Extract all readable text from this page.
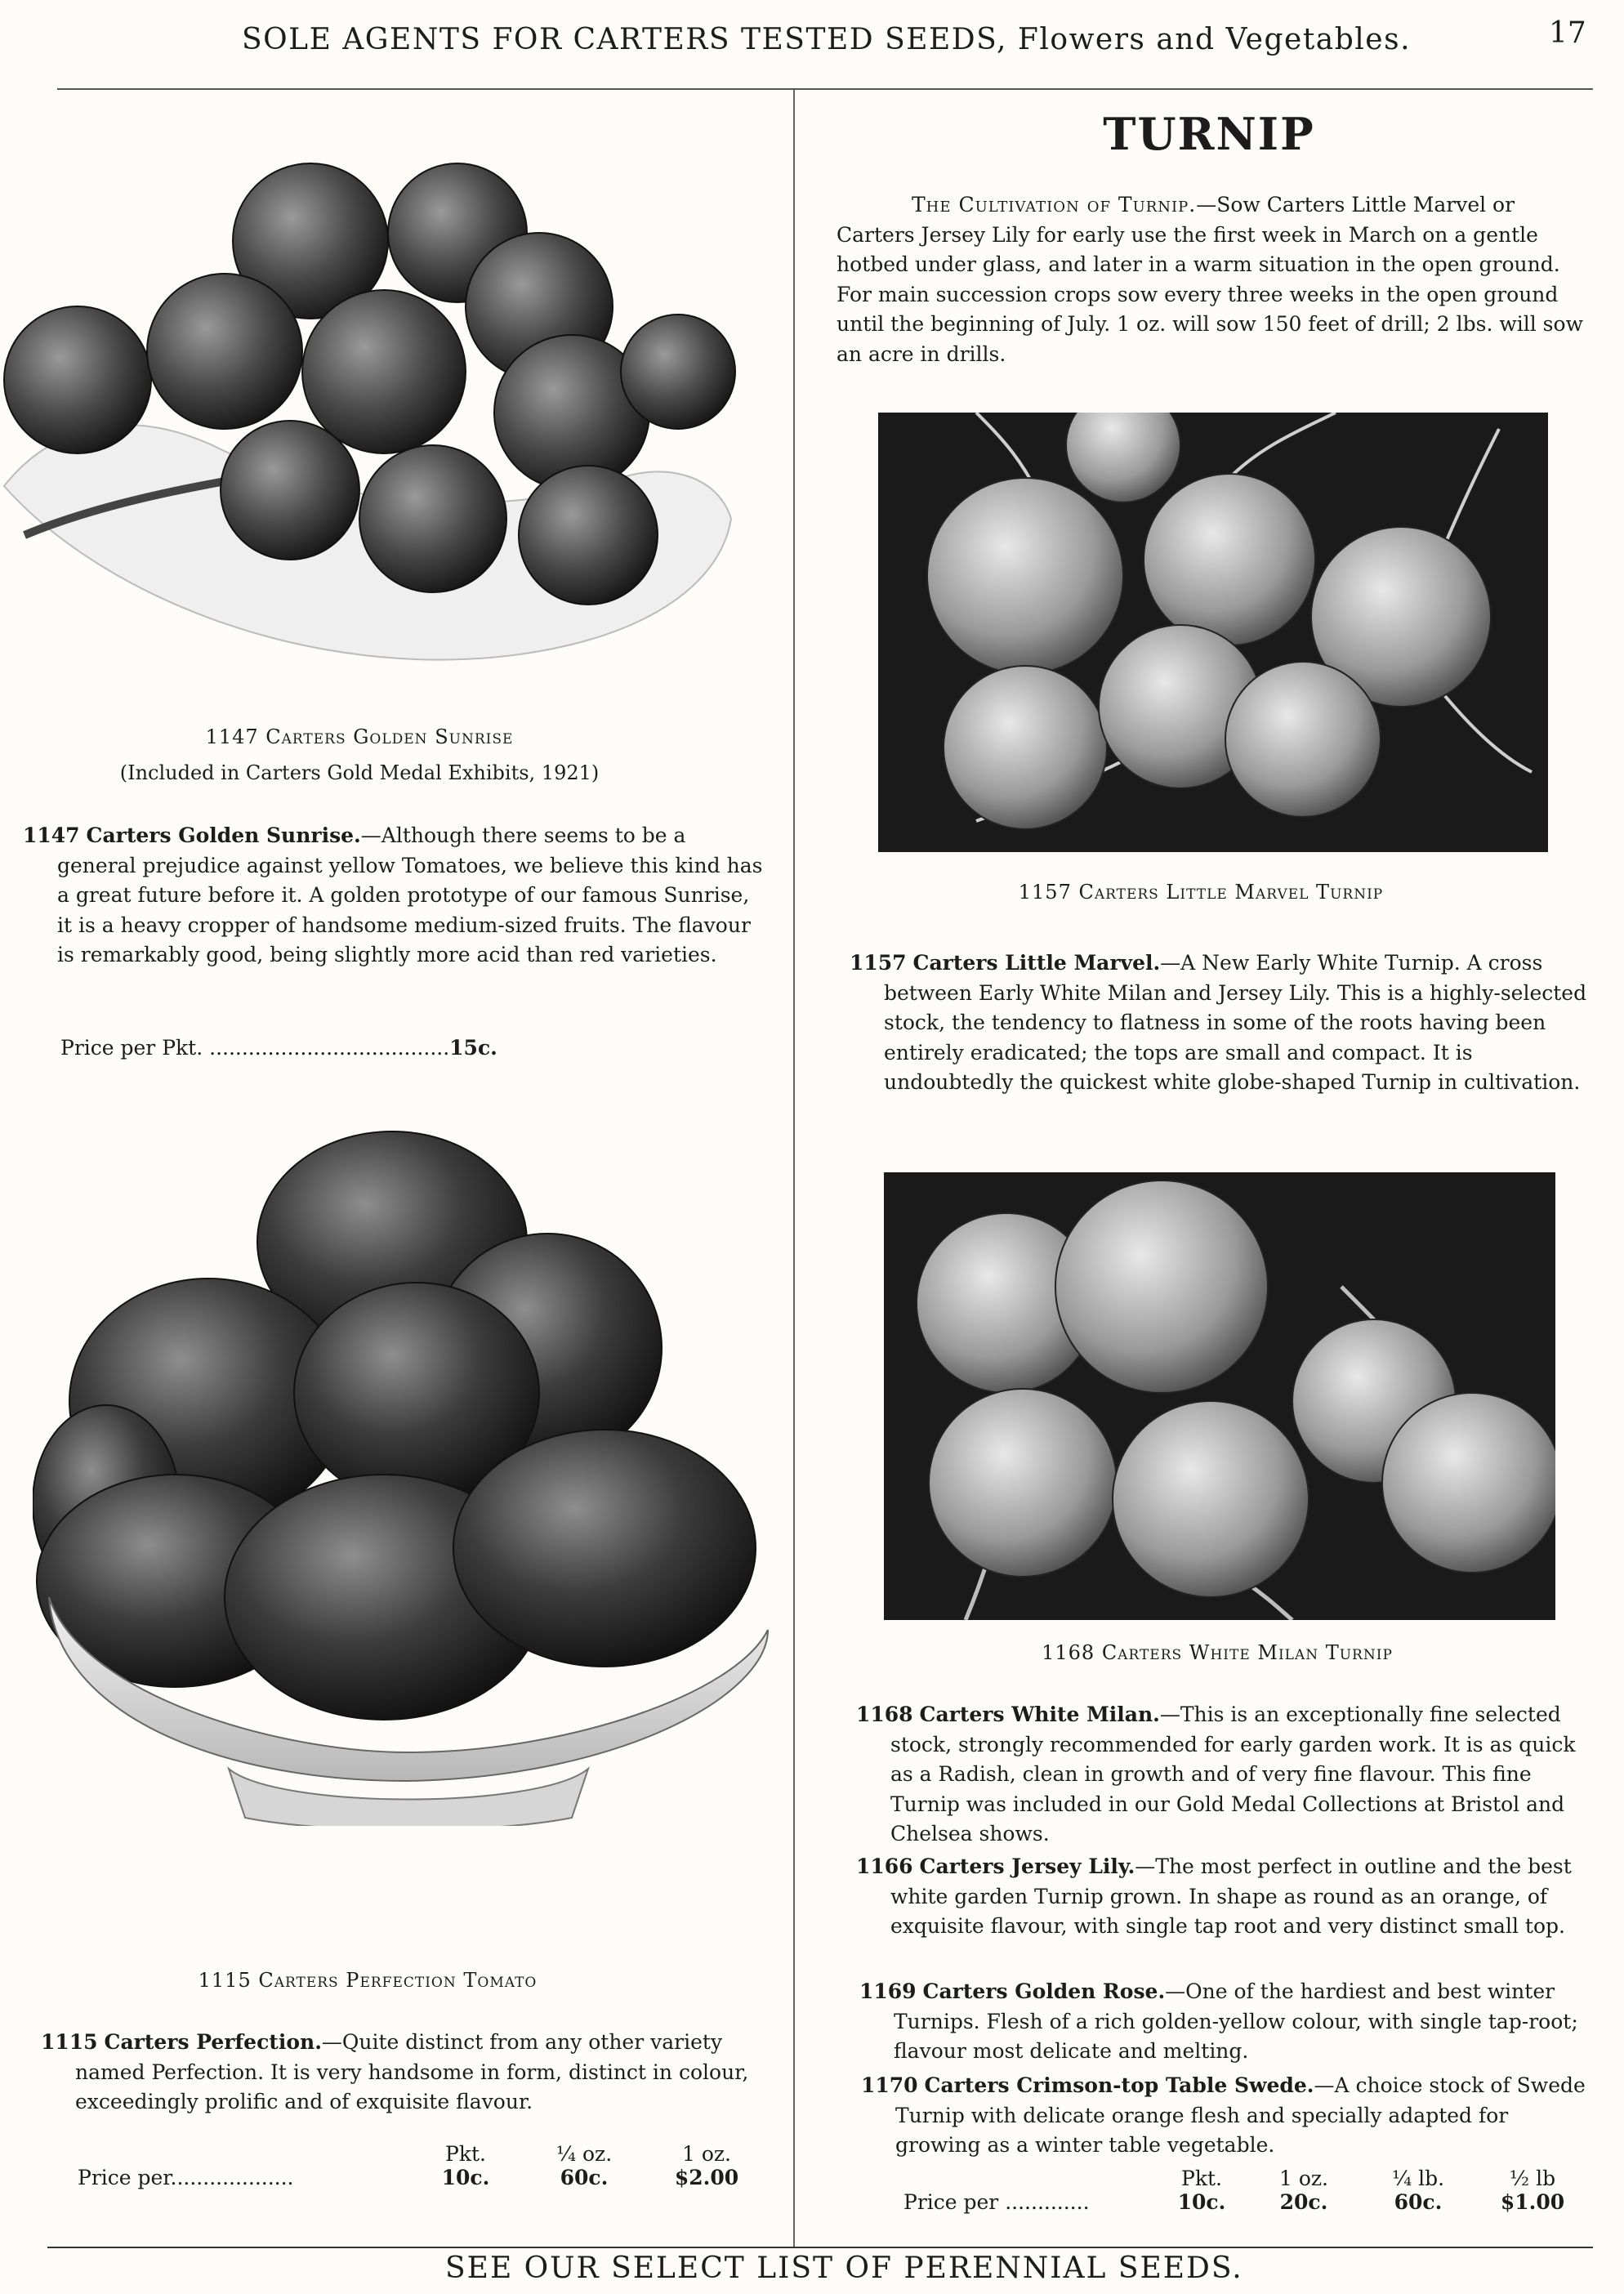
SOLE AGENTS FOR CARTERS TESTED SEEDS, Flowers and Vegetables.	17
1147 Carters Golden Sunrise
(Included in Carters Gold Medal Exhibits, 1921)
1147 Carters Golden Sunrise.—Although there seems to be a general prejudice against yellow Tomatoes, we believe this kind has a great future before it. A golden prototype of our famous Sunrise, it is a heavy cropper of handsome medium-sized fruits. The flavour is remarkably good, being slightly more acid than red varieties.
Price per Pkt. .....................................15c.
1115 Carters Perfection Tomato
1115 Carters Perfection.—Quite distinct from any other variety named Perfection. It is very handsome in form, distinct in colour, exceedingly prolific and of exquisite flavour.
	Pkt.	¼ oz.	1 oz.
Price per...................	10c.	60c.	$2.00
TURNIP
The Cultivation of Turnip.—Sow Carters Little Marvel or Carters Jersey Lily for early use the first week in March on a gentle hotbed under glass, and later in a warm situation in the open ground. For main succession crops sow every three weeks in the open ground until the beginning of July. 1 oz. will sow 150 feet of drill; 2 lbs. will sow an acre in drills.
1157 Carters Little Marvel Turnip
1157 Carters Little Marvel.—A New Early White Turnip. A cross between Early White Milan and Jersey Lily. This is a highly-selected stock, the tendency to flatness in some of the roots having been entirely eradicated; the tops are small and compact. It is undoubtedly the quickest white globe-shaped Turnip in cultivation.
1168 Carters White Milan Turnip
1168 Carters White Milan.—This is an exceptionally fine selected stock, strongly recommended for early garden work. It is as quick as a Radish, clean in growth and of very fine flavour. This fine Turnip was included in our Gold Medal Collections at Bristol and Chelsea shows.
1166 Carters Jersey Lily.—The most perfect in outline and the best white garden Turnip grown. In shape as round as an orange, of exquisite flavour, with single tap root and very distinct small top.
1169 Carters Golden Rose.—One of the hardiest and best winter Turnips. Flesh of a rich golden-yellow colour, with single tap-root; flavour most delicate and melting.
1170 Carters Crimson-top Table Swede.—A choice stock of Swede Turnip with delicate orange flesh and specially adapted for growing as a winter table vegetable.
	Pkt.	1 oz.	¼ lb.	½ lb
Price per .............	10c.	20c.	60c.	$1.00
SEE OUR SELECT LIST OF PERENNIAL SEEDS.
